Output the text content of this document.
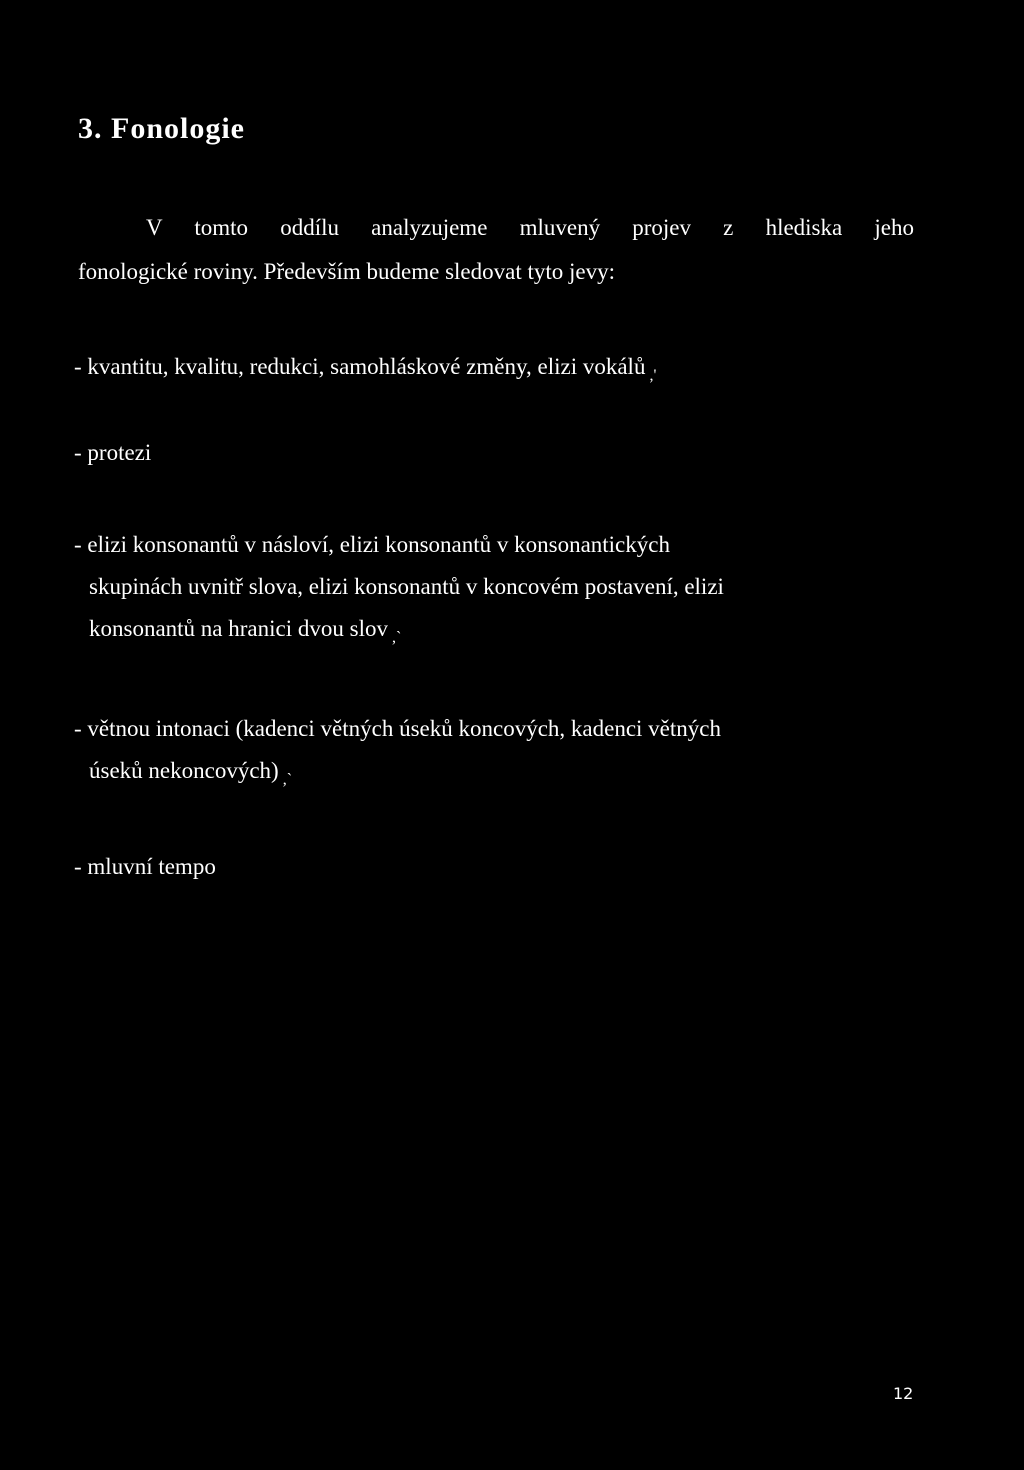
3. Fonologie

V tomto oddílu analyzujeme mluvený projev z hlediska jeho
fonologické roviny. Především budeme sledovat tyto jevy:

- kvantitu, kvalitu, redukci, samohláskové změny, elizi vokálů $_{,'}$

- protezi

- elizi konsonantů v násloví, elizi konsonantů v konsonantických
skupinách uvnitř slova, elizi konsonantů v koncovém postavení, elizi
konsonantů na hranici dvou slov $_{,`}$

- větnou intonaci (kadenci větných úseků koncových, kadenci větných
úseků nekoncových) $_{,`}$

- mluvní tempo

12
